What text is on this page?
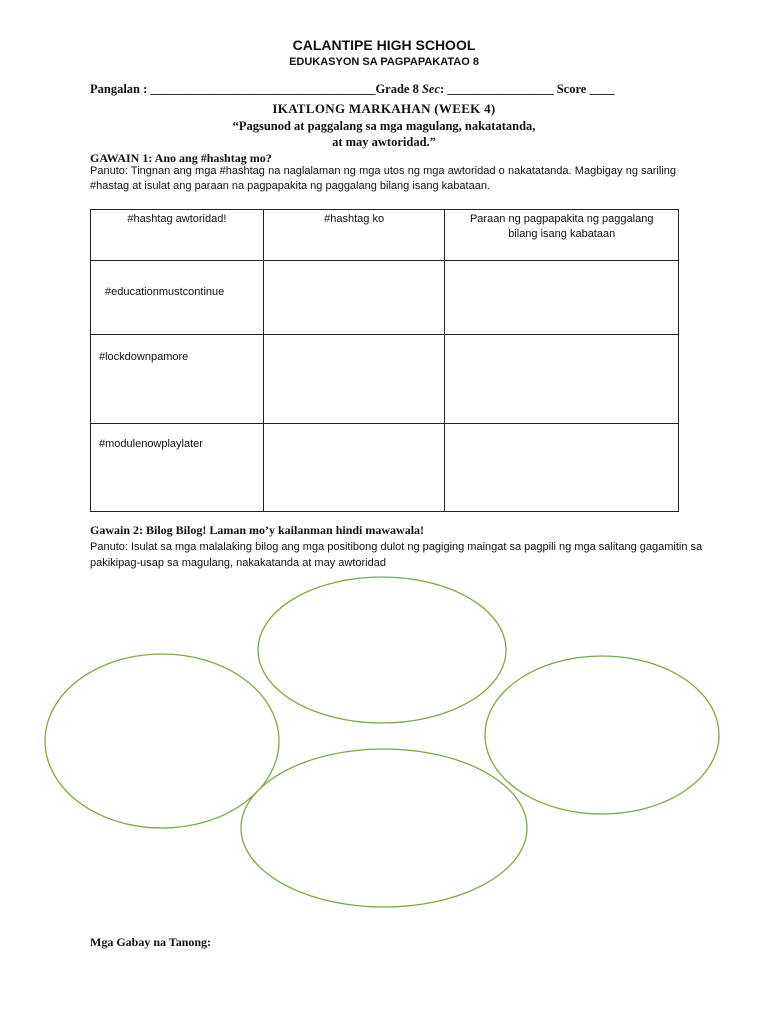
CALANTIPE HIGH SCHOOL
EDUKASYON SA PAGPAPAKATAO 8
Pangalan : ____________________________________Grade 8 Sec: _________________ Score ____
IKATLONG MARKAHAN (WEEK 4)
“Pagsunod at paggalang sa mga magulang, nakatatanda,
at may awtoridad.”
GAWAIN 1: Ano ang #hashtag mo?
Panuto: Tingnan ang mga #hashtag na naglalaman ng mga utos ng mga awtoridad o nakatatanda. Magbigay ng sariling #hastag at isulat ang paraan na pagpapakita ng paggalang bilang isang kabataan.
#hashtag awtoridad!	#hashtag ko	Paraan ng pagpapakita ng paggalang bilang isang kabataan

#educationmustcontinue		

#lockdownpamore		

#modulenowplaylater		

Gawain 2: Bilog Bilog! Laman mo’y kailanman hindi mawawala!
Panuto: Isulat sa mga malalaking bilog ang mga positibong dulot ng pagiging maingat sa pagpili ng mga salitang gagamitin sa pakikipag-usap sa magulang, nakakatanda at may awtoridad
Mga Gabay na Tanong:
